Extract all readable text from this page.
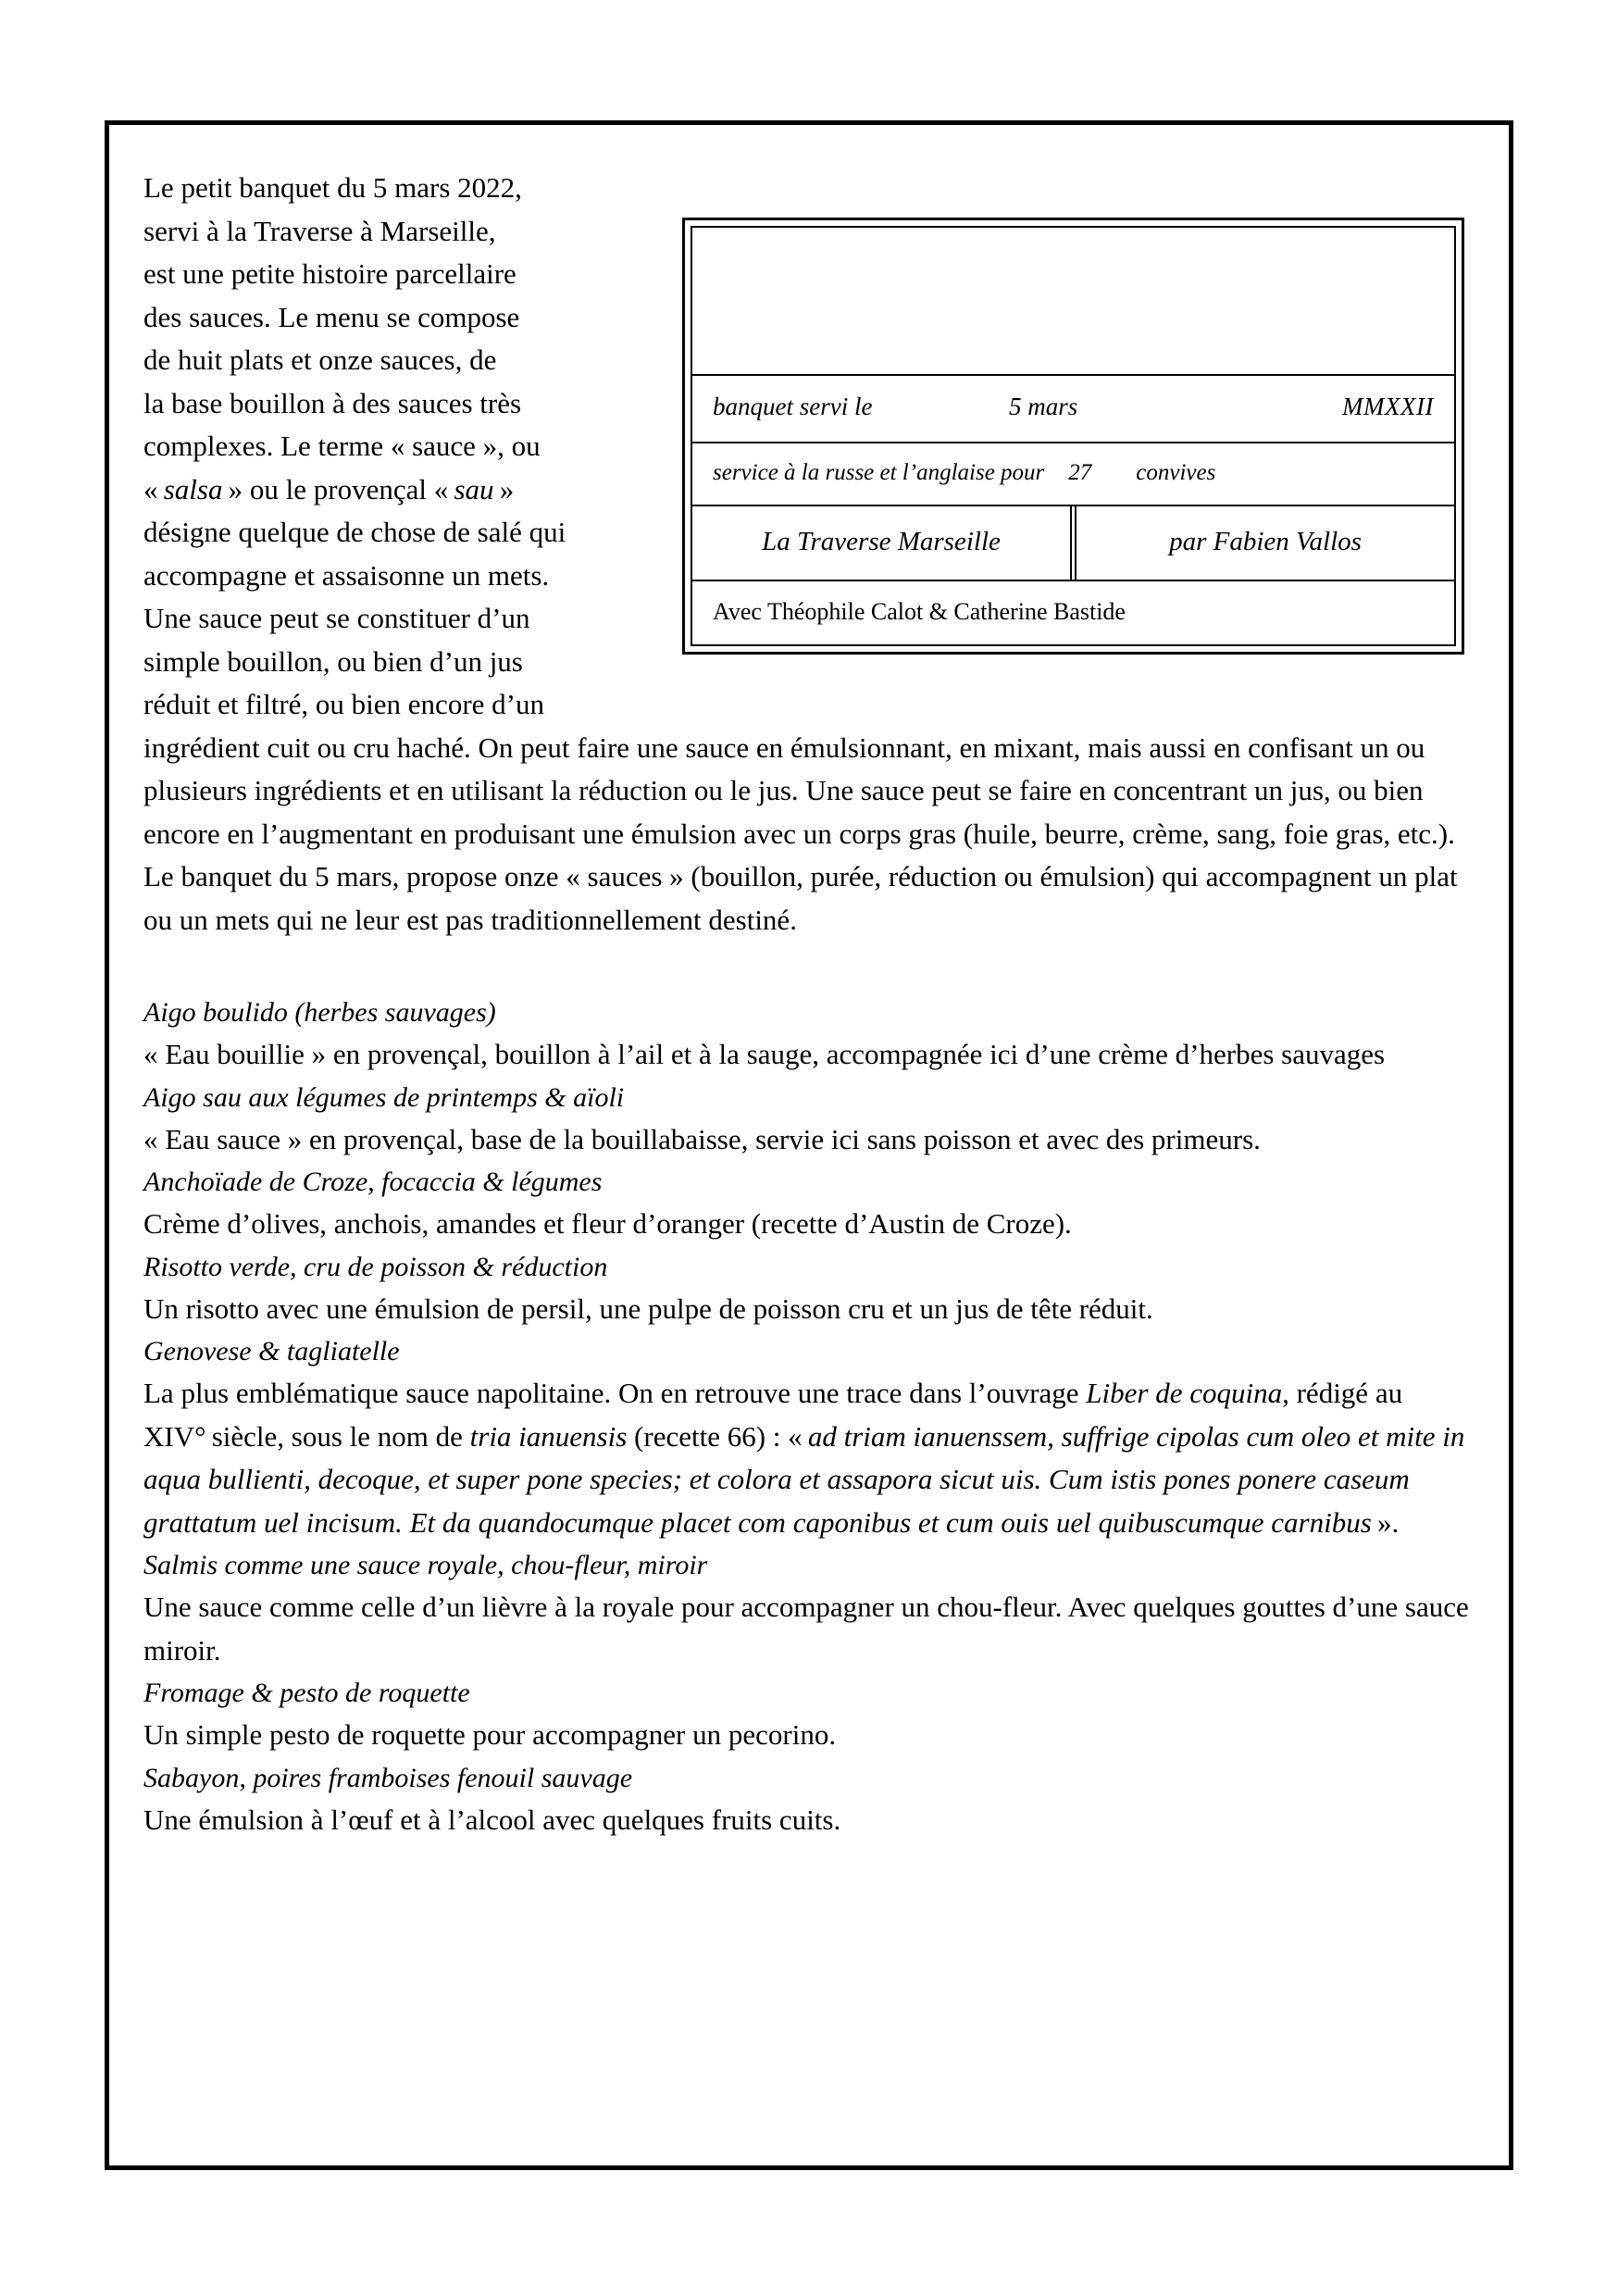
banquet servi le	5 mars	MMXXII
service à la russe et l’anglaise pour 27 convives
La Traverse Marseille	par Fabien Vallos
Avec Théophile Calot & Catherine Bastide

Le petit banquet du 5 mars 2022,

servi à la Traverse à Marseille,

est une petite histoire parcellaire

des sauces. Le menu se compose

de huit plats et onze sauces, de

la base bouillon à des sauces très

complexes. Le terme « sauce », ou

« salsa » ou le provençal « sau »

désigne quelque de chose de salé qui

accompagne et assaisonne un mets.

Une sauce peut se constituer d’un

simple bouillon, ou bien d’un jus

réduit et filtré, ou bien encore d’un

ingrédient cuit ou cru haché. On peut faire une sauce en émulsionnant, en mixant, mais aussi en confisant un ou plusieurs ingrédients et en utilisant la réduction ou le jus. Une sauce peut se faire en concentrant un jus, ou bien encore en l’augmentant en produisant une émulsion avec un corps gras (huile, beurre, crème, sang, foie gras, etc.). Le banquet du 5 mars, propose onze « sauces » (bouillon, purée, réduction ou émulsion) qui accompagnent un plat ou un mets qui ne leur est pas traditionnellement destiné.

Aigo boulido (herbes sauvages)
« Eau bouillie » en provençal, bouillon à l’ail et à la sauge, accompagnée ici d’une crème d’herbes sauvages
Aigo sau aux légumes de printemps & aïoli
« Eau sauce » en provençal, base de la bouillabaisse, servie ici sans poisson et avec des primeurs.
Anchoïade de Croze, focaccia & légumes
Crème d’olives, anchois, amandes et fleur d’oranger (recette d’Austin de Croze).
Risotto verde, cru de poisson & réduction
Un risotto avec une émulsion de persil, une pulpe de poisson cru et un jus de tête réduit.
Genovese & tagliatelle
La plus emblématique sauce napolitaine. On en retrouve une trace dans l’ouvrage Liber de coquina, rédigé au XIV° siècle, sous le nom de tria ianuensis (recette 66) : « ad triam ianuenssem, suffrige cipolas cum oleo et mite in aqua bullienti, decoque, et super pone species; et colora et assapora sicut uis. Cum istis pones ponere caseum grattatum uel incisum. Et da quandocumque placet com caponibus et cum ouis uel quibuscumque carnibus ».
Salmis comme une sauce royale, chou-fleur, miroir
Une sauce comme celle d’un lièvre à la royale pour accompagner un chou-fleur. Avec quelques gouttes d’une sauce miroir.
Fromage & pesto de roquette
Un simple pesto de roquette pour accompagner un pecorino.
Sabayon, poires framboises fenouil sauvage
Une émulsion à l’œuf et à l’alcool avec quelques fruits cuits.
